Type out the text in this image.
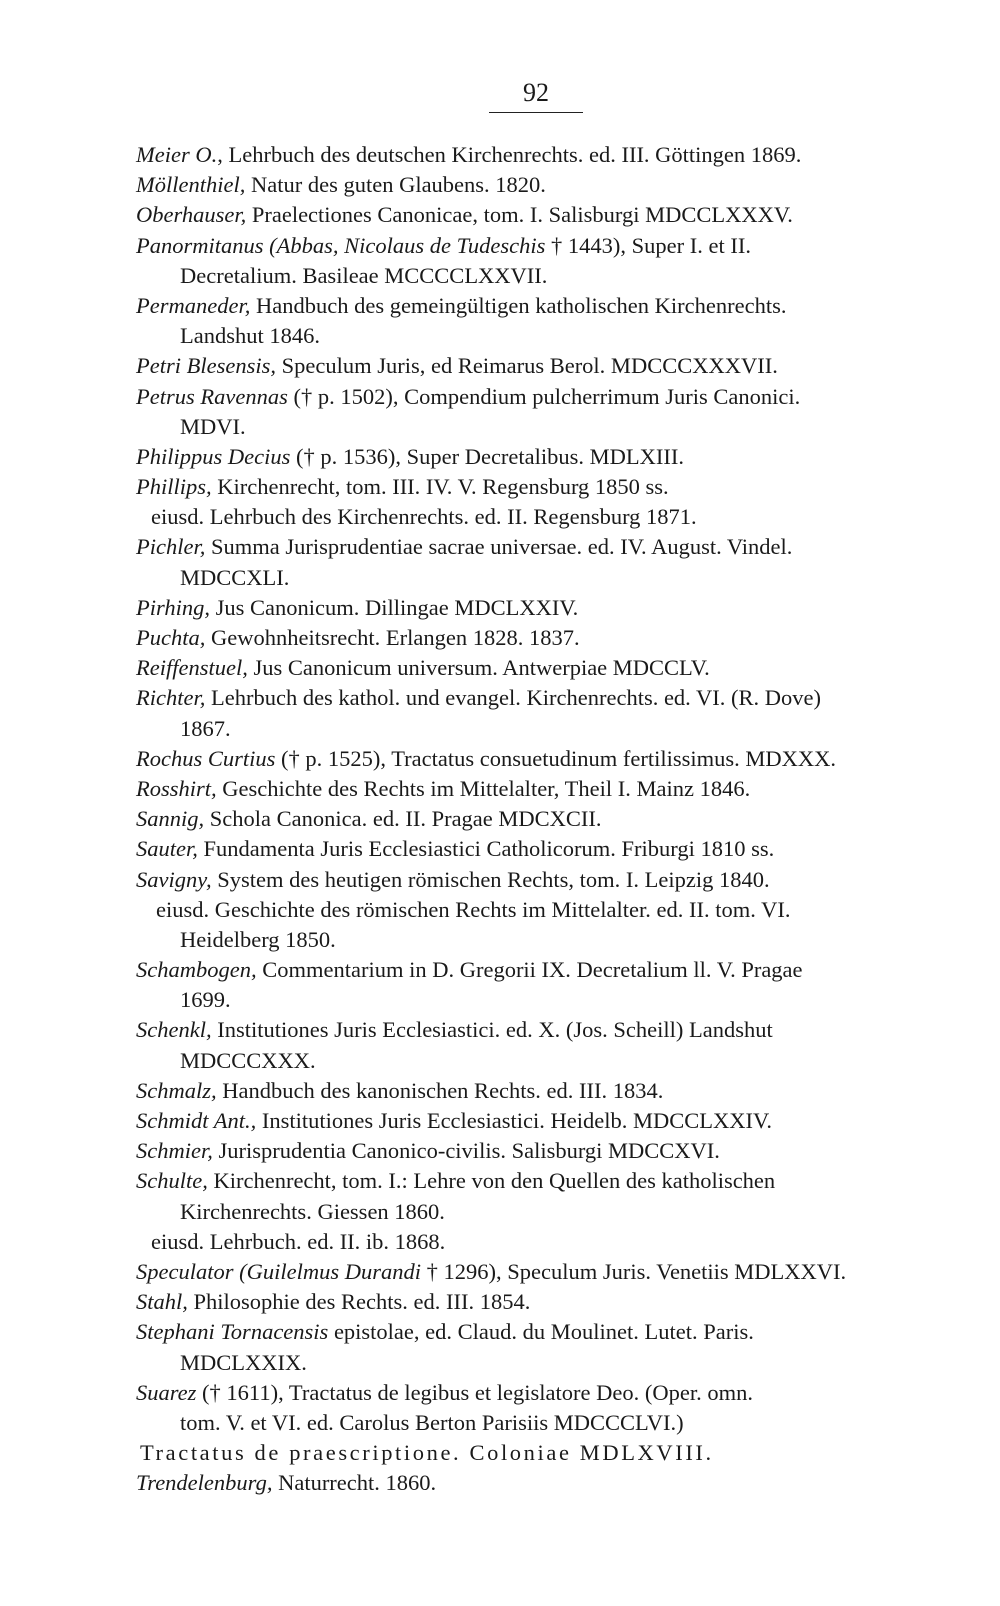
92
Meier O., Lehrbuch des deutschen Kirchenrechts. ed. III. Göttingen 1869.
Möllenthiel, Natur des guten Glaubens. 1820.
Oberhauser, Praelectiones Canonicae, tom. I. Salisburgi MDCCLXXXV.
Panormitanus (Abbas, Nicolaus de Tudeschis † 1443), Super I. et II.
Decretalium. Basileae MCCCCLXXVII.
Permaneder, Handbuch des gemeingültigen katholischen Kirchenrechts.
Landshut 1846.
Petri Blesensis, Speculum Juris, ed Reimarus Berol. MDCCCXXXVII.
Petrus Ravennas († p. 1502), Compendium pulcherrimum Juris Canonici.
MDVI.
Philippus Decius († p. 1536), Super Decretalibus. MDLXIII.
Phillips, Kirchenrecht, tom. III. IV. V. Regensburg 1850 ss.
eiusd. Lehrbuch des Kirchenrechts. ed. II. Regensburg 1871.
Pichler, Summa Jurisprudentiae sacrae universae. ed. IV. August. Vindel.
MDCCXLI.
Pirhing, Jus Canonicum. Dillingae MDCLXXIV.
Puchta, Gewohnheitsrecht. Erlangen 1828. 1837.
Reiffenstuel, Jus Canonicum universum. Antwerpiae MDCCLV.
Richter, Lehrbuch des kathol. und evangel. Kirchenrechts. ed. VI. (R. Dove)
1867.
Rochus Curtius († p. 1525), Tractatus consuetudinum fertilissimus. MDXXX.
Rosshirt, Geschichte des Rechts im Mittelalter, Theil I. Mainz 1846.
Sannig, Schola Canonica. ed. II. Pragae MDCXCII.
Sauter, Fundamenta Juris Ecclesiastici Catholicorum. Friburgi 1810 ss.
Savigny, System des heutigen römischen Rechts, tom. I. Leipzig 1840.
eiusd. Geschichte des römischen Rechts im Mittelalter. ed. II. tom. VI.
Heidelberg 1850.
Schambogen, Commentarium in D. Gregorii IX. Decretalium ll. V. Pragae
1699.
Schenkl, Institutiones Juris Ecclesiastici. ed. X. (Jos. Scheill) Landshut
MDCCCXXX.
Schmalz, Handbuch des kanonischen Rechts. ed. III. 1834.
Schmidt Ant., Institutiones Juris Ecclesiastici. Heidelb. MDCCLXXIV.
Schmier, Jurisprudentia Canonico-civilis. Salisburgi MDCCXVI.
Schulte, Kirchenrecht, tom. I.: Lehre von den Quellen des katholischen
Kirchenrechts. Giessen 1860.
eiusd. Lehrbuch. ed. II. ib. 1868.
Speculator (Guilelmus Durandi † 1296), Speculum Juris. Venetiis MDLXXVI.
Stahl, Philosophie des Rechts. ed. III. 1854.
Stephani Tornacensis epistolae, ed. Claud. du Moulinet. Lutet. Paris.
MDCLXXIX.
Suarez († 1611), Tractatus de legibus et legislatore Deo. (Oper. omn.
tom. V. et VI. ed. Carolus Berton Parisiis MDCCCLVI.)
Tractatus de praescriptione. Coloniae MDLXVIII.
Trendelenburg, Naturrecht. 1860.
